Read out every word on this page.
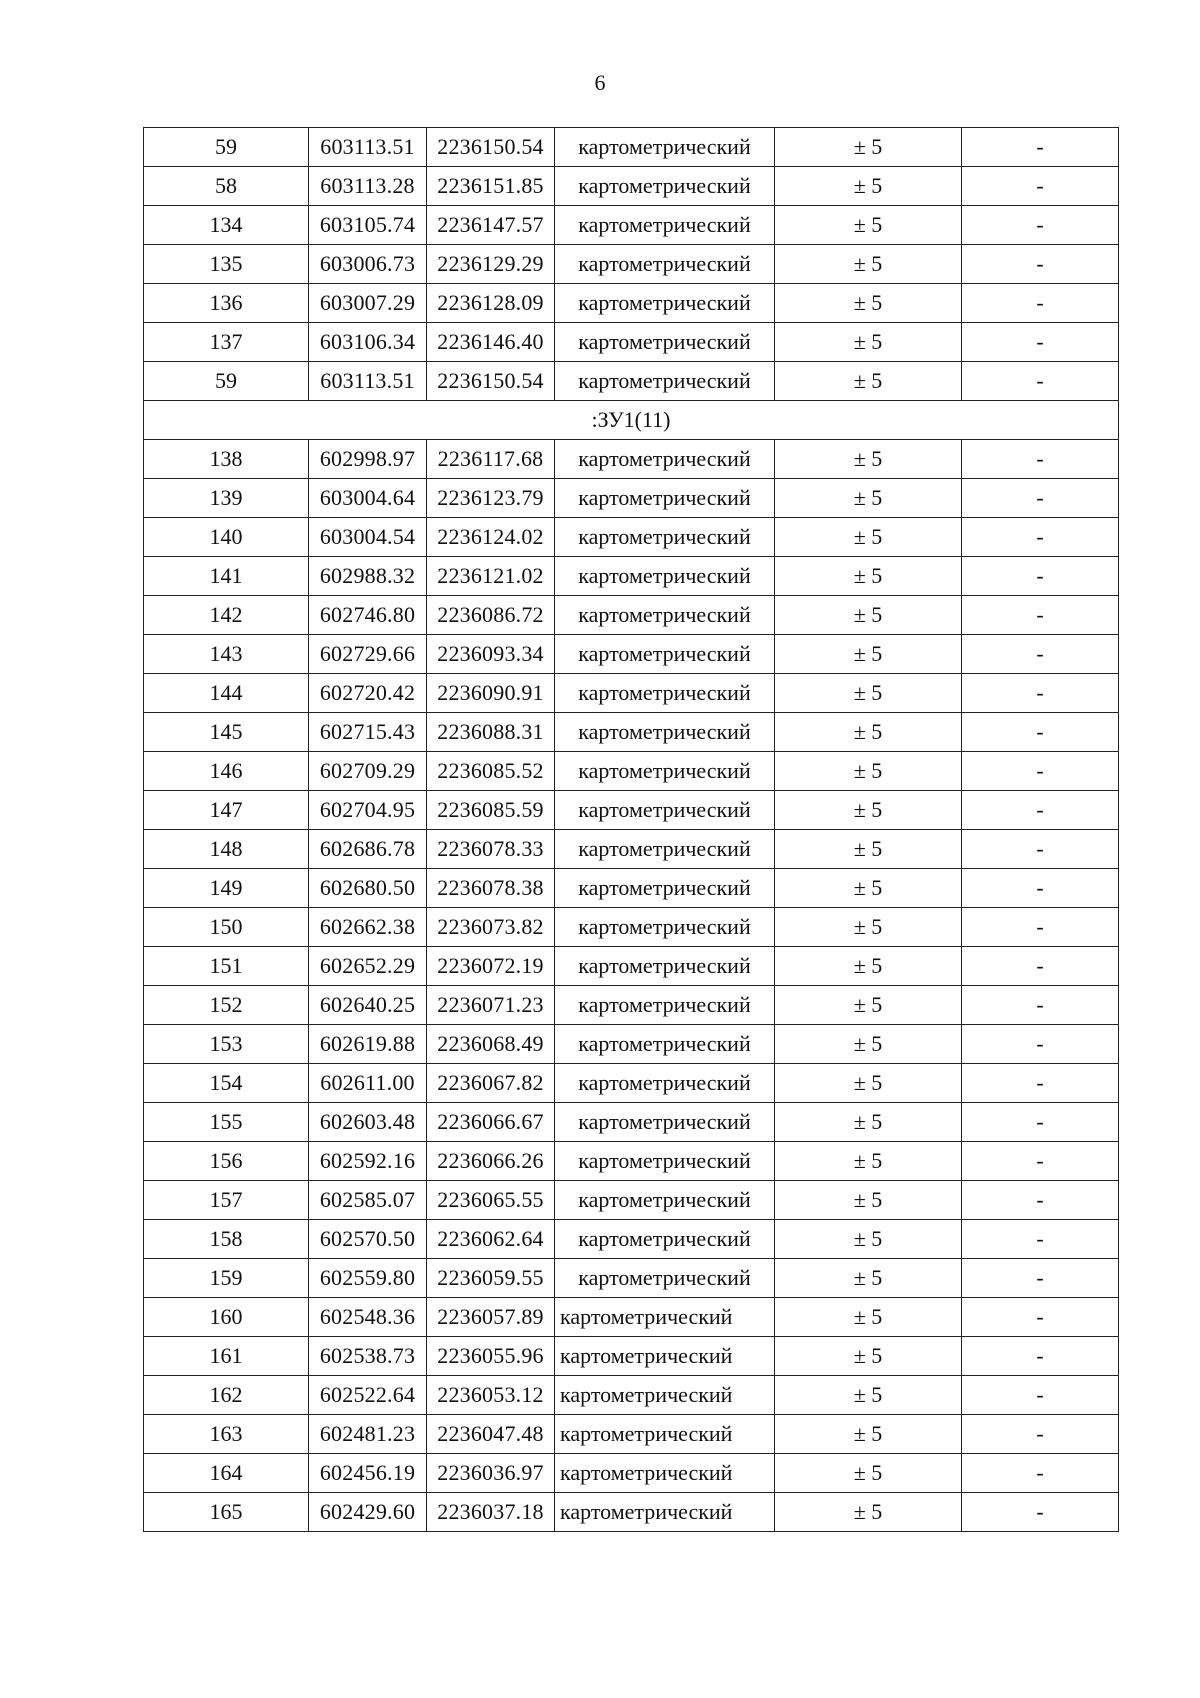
6
59	603113.51	2236150.54	картометрический	± 5	-
58	603113.28	2236151.85	картометрический	± 5	-
134	603105.74	2236147.57	картометрический	± 5	-
135	603006.73	2236129.29	картометрический	± 5	-
136	603007.29	2236128.09	картометрический	± 5	-
137	603106.34	2236146.40	картометрический	± 5	-
59	603113.51	2236150.54	картометрический	± 5	-
:ЗУ1(11)					
138	602998.97	2236117.68	картометрический	± 5	-
139	603004.64	2236123.79	картометрический	± 5	-
140	603004.54	2236124.02	картометрический	± 5	-
141	602988.32	2236121.02	картометрический	± 5	-
142	602746.80	2236086.72	картометрический	± 5	-
143	602729.66	2236093.34	картометрический	± 5	-
144	602720.42	2236090.91	картометрический	± 5	-
145	602715.43	2236088.31	картометрический	± 5	-
146	602709.29	2236085.52	картометрический	± 5	-
147	602704.95	2236085.59	картометрический	± 5	-
148	602686.78	2236078.33	картометрический	± 5	-
149	602680.50	2236078.38	картометрический	± 5	-
150	602662.38	2236073.82	картометрический	± 5	-
151	602652.29	2236072.19	картометрический	± 5	-
152	602640.25	2236071.23	картометрический	± 5	-
153	602619.88	2236068.49	картометрический	± 5	-
154	602611.00	2236067.82	картометрический	± 5	-
155	602603.48	2236066.67	картометрический	± 5	-
156	602592.16	2236066.26	картометрический	± 5	-
157	602585.07	2236065.55	картометрический	± 5	-
158	602570.50	2236062.64	картометрический	± 5	-
159	602559.80	2236059.55	картометрический	± 5	-
160	602548.36	2236057.89	картометрический	± 5	-
161	602538.73	2236055.96	картометрический	± 5	-
162	602522.64	2236053.12	картометрический	± 5	-
163	602481.23	2236047.48	картометрический	± 5	-
164	602456.19	2236036.97	картометрический	± 5	-
165	602429.60	2236037.18	картометрический	± 5	-
